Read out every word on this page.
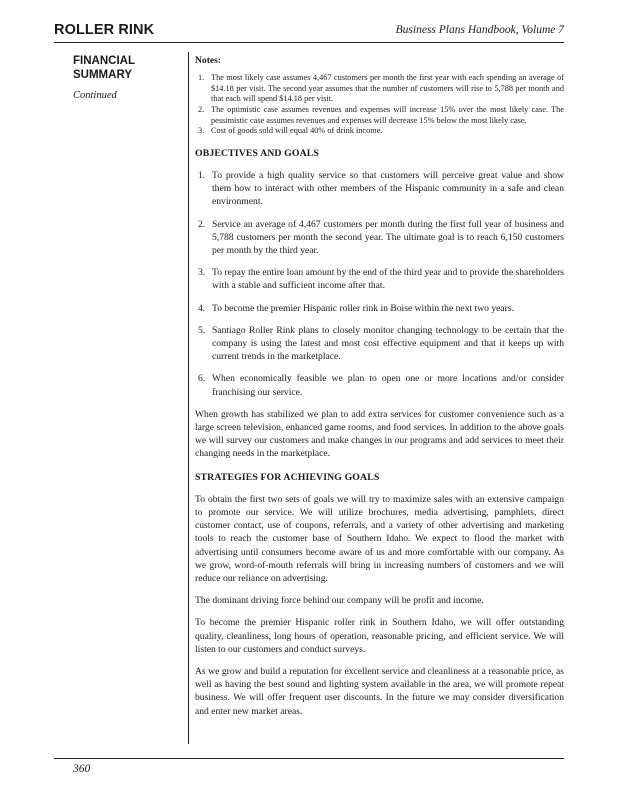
ROLLER RINK	Business Plans Handbook, Volume 7
FINANCIAL SUMMARY
Continued
Notes:
1. The most likely case assumes 4,467 customers per month the first year with each spending an average of $14.18 per visit. The second year assumes that the number of customers will rise to 5,788 per month and that each will spend $14.18 per visit.
2. The optimistic case assumes revenues and expenses will increase 15% over the most likely case. The pessimistic case assumes revenues and expenses will decrease 15% below the most likely case.
3. Cost of goods sold will equal 40% of drink income.
OBJECTIVES AND GOALS
1. To provide a high quality service so that customers will perceive great value and show them how to interact with other members of the Hispanic community in a safe and clean environment.
2. Service an average of 4,467 customers per month during the first full year of business and 5,788 customers per month the second year. The ultimate goal is to reach 6,150 customers per month by the third year.
3. To repay the entire loan amount by the end of the third year and to provide the shareholders with a stable and sufficient income after that.
4. To become the premier Hispanic roller rink in Boise within the next two years.
5. Santiago Roller Rink plans to closely monitor changing technology to be certain that the company is using the latest and most cost effective equipment and that it keeps up with current trends in the marketplace.
6. When economically feasible we plan to open one or more locations and/or consider franchising our service.

When growth has stabilized we plan to add extra services for customer convenience such as a large screen television, enhanced game rooms, and food services. In addition to the above goals we will survey our customers and make changes in our programs and add services to meet their changing needs in the marketplace.

STRATEGIES FOR ACHIEVING GOALS

To obtain the first two sets of goals we will try to maximize sales with an extensive campaign to promote our service. We will utilize brochures, media advertising, pamphlets, direct customer contact, use of coupons, referrals, and a variety of other advertising and marketing tools to reach the customer base of Southern Idaho. We expect to flood the market with advertising until consumers become aware of us and more comfortable with our company. As we grow, word-of-mouth referrals will bring in increasing numbers of customers and we will reduce our reliance on advertising.

The dominant driving force behind our company will be profit and income.

To become the premier Hispanic roller rink in Southern Idaho, we will offer outstanding quality, cleanliness, long hours of operation, reasonable pricing, and efficient service. We will listen to our customers and conduct surveys.

As we grow and build a reputation for excellent service and cleanliness at a reasonable price, as well as having the best sound and lighting system available in the area, we will promote repeat business. We will offer frequent user discounts. In the future we may consider diversification and enter new market areas.

360
